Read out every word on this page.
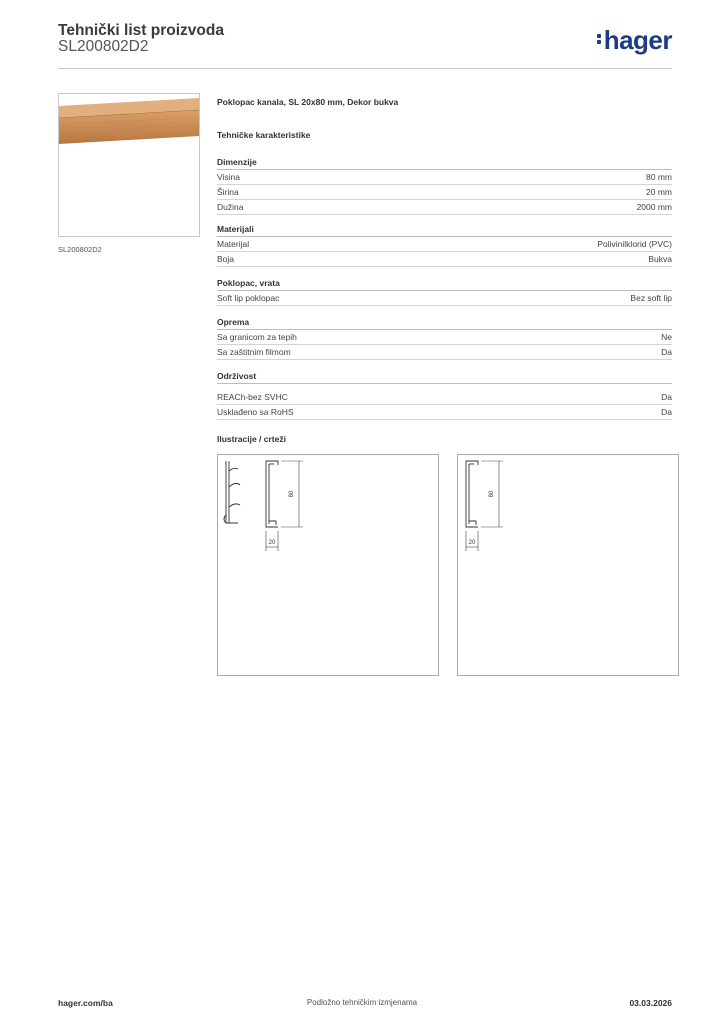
Tehnički list proizvoda
SL200802D2	hager
SL200802D2
Poklopac kanala, SL 20x80 mm, Dekor bukva
Tehničke karakteristike
Dimenzije
Visina	80 mm
Širina	20 mm
Dužina	2000 mm
Materijali
Materijal	Polivinilklorid (PVC)
Boja	Bukva
Poklopac, vrata
Soft lip poklopac	Bez soft lip
Oprema
Sa granicom za tepih	Ne
Sa zaštitnim filmom	Da
Održivost
REACh-bez SVHC	Da
Usklađeno sa RoHS	Da
Ilustracije / crteži
80
20
80
20
Podložno tehničkim izmjenama
hager.com/ba	03.03.2026
